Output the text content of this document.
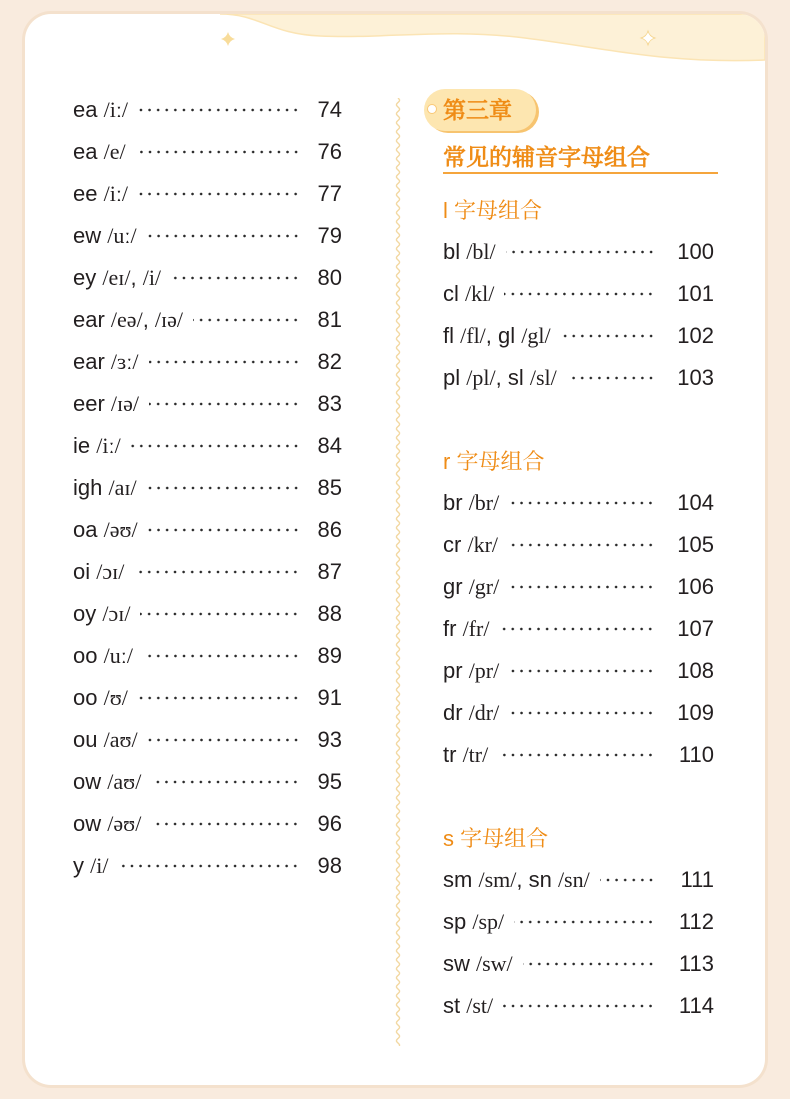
ea /iː/	74
ea /e/	76
ee /iː/	77
ew /uː/	79
ey /eɪ/, /i/	80
ear /eə/, /ɪə/	81
ear /ɜː/	82
eer /ɪə/	83
ie /iː/	84
igh /aɪ/	85
oa /əʊ/	86
oi /ɔɪ/	87
oy /ɔɪ/	88
oo /uː/	89
oo /ʊ/	91
ou /aʊ/	93
ow /aʊ/	95
ow /əʊ/	96
y /i/	98
第三章
常见的辅音字母组合
l 字母组合
bl /bl/	100
cl /kl/	101
fl /fl/, gl /gl/	102
pl /pl/, sl /sl/	103
r 字母组合
br /br/	104
cr /kr/	105
gr /gr/	106
fr /fr/	107
pr /pr/	108
dr /dr/	109
tr /tr/	110
s 字母组合
sm /sm/, sn /sn/	111
sp /sp/	112
sw /sw/	113
st /st/	114
